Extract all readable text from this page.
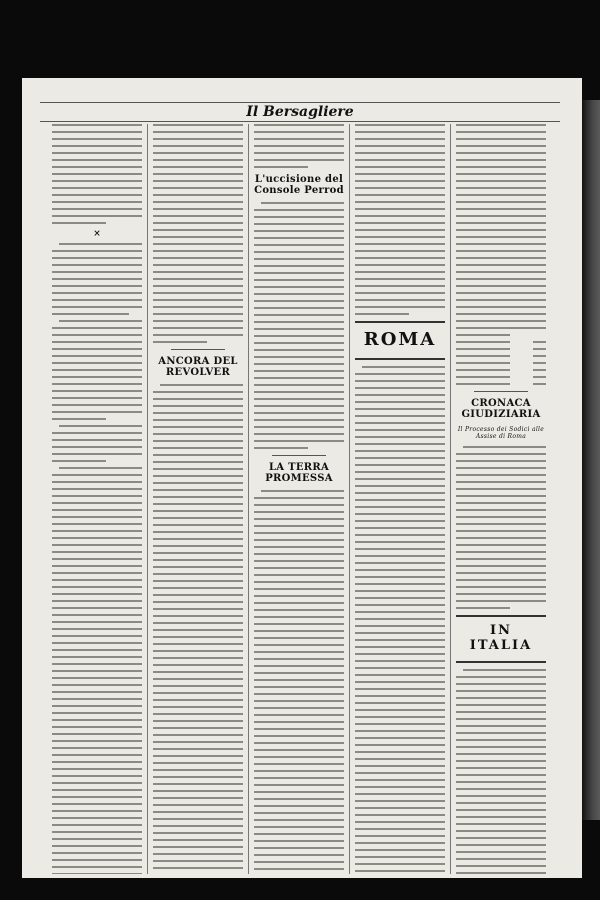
Il Bersagliere
×
ANCORA DEL REVOLVER
L'uccisione del Console Perrod
LA TERRA PROMESSA
ROMA
CRONACA GIUDIZIARIA
Il Processo dei Sodici alle Assise di Roma
IN ITALIA
